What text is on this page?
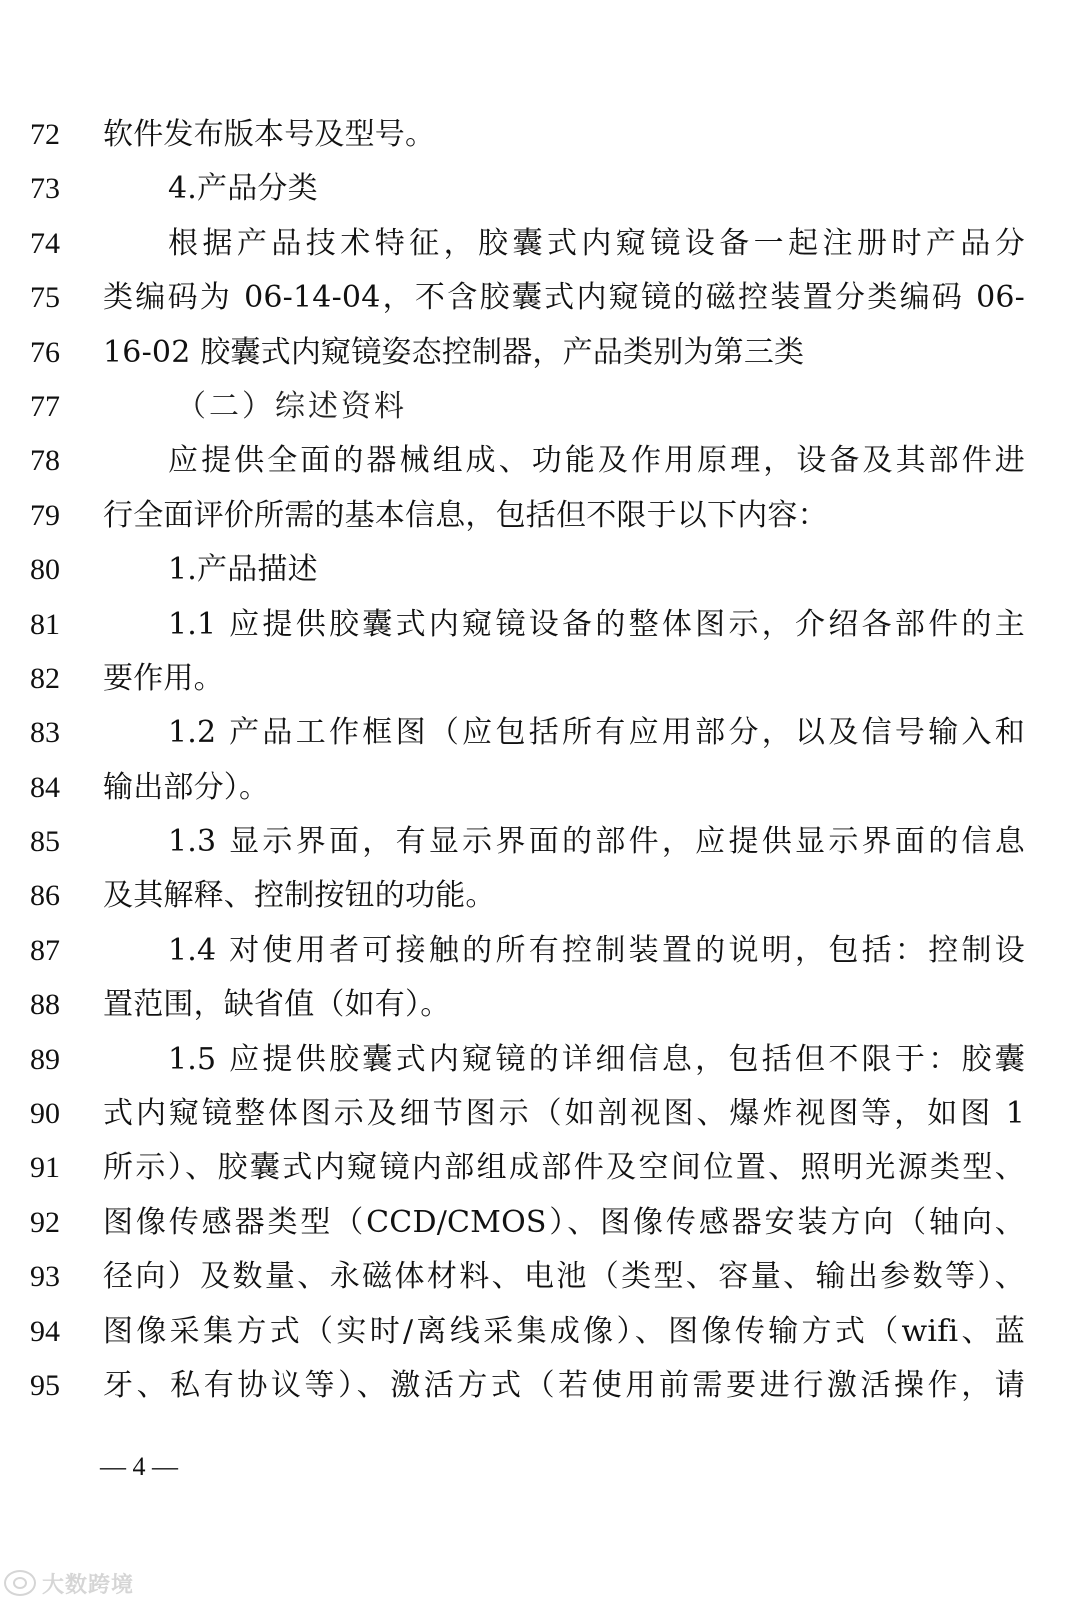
72	软件发布版本号及型号。
73	4.产品分类
74	根据产品技术特征，胶囊式内窥镜设备一起注册时产品分
75	类编码为 06-14-04，不含胶囊式内窥镜的磁控装置分类编码 06-
76	16-02 胶囊式内窥镜姿态控制器，产品类别为第三类
77	（二）综述资料
78	应提供全面的器械组成、功能及作用原理，设备及其部件进
79	行全面评价所需的基本信息，包括但不限于以下内容：
80	1.产品描述
81	1.1 应提供胶囊式内窥镜设备的整体图示，介绍各部件的主
82	要作用。
83	1.2 产品工作框图（应包括所有应用部分，以及信号输入和
84	输出部分）。
85	1.3 显示界面，有显示界面的部件，应提供显示界面的信息
86	及其解释、控制按钮的功能。
87	1.4 对使用者可接触的所有控制装置的说明，包括：控制设
88	置范围，缺省值（如有）。
89	1.5 应提供胶囊式内窥镜的详细信息，包括但不限于：胶囊
90	式内窥镜整体图示及细节图示（如剖视图、爆炸视图等，如图 1
91	所示）、胶囊式内窥镜内部组成部件及空间位置、照明光源类型、
92	图像传感器类型（CCD/CMOS）、图像传感器安装方向（轴向、
93	径向）及数量、永磁体材料、电池（类型、容量、输出参数等）、
94	图像采集方式（实时/离线采集成像）、图像传输方式（wifi、蓝
95	牙、私有协议等）、激活方式（若使用前需要进行激活操作，请
— 4 —
大数跨境
